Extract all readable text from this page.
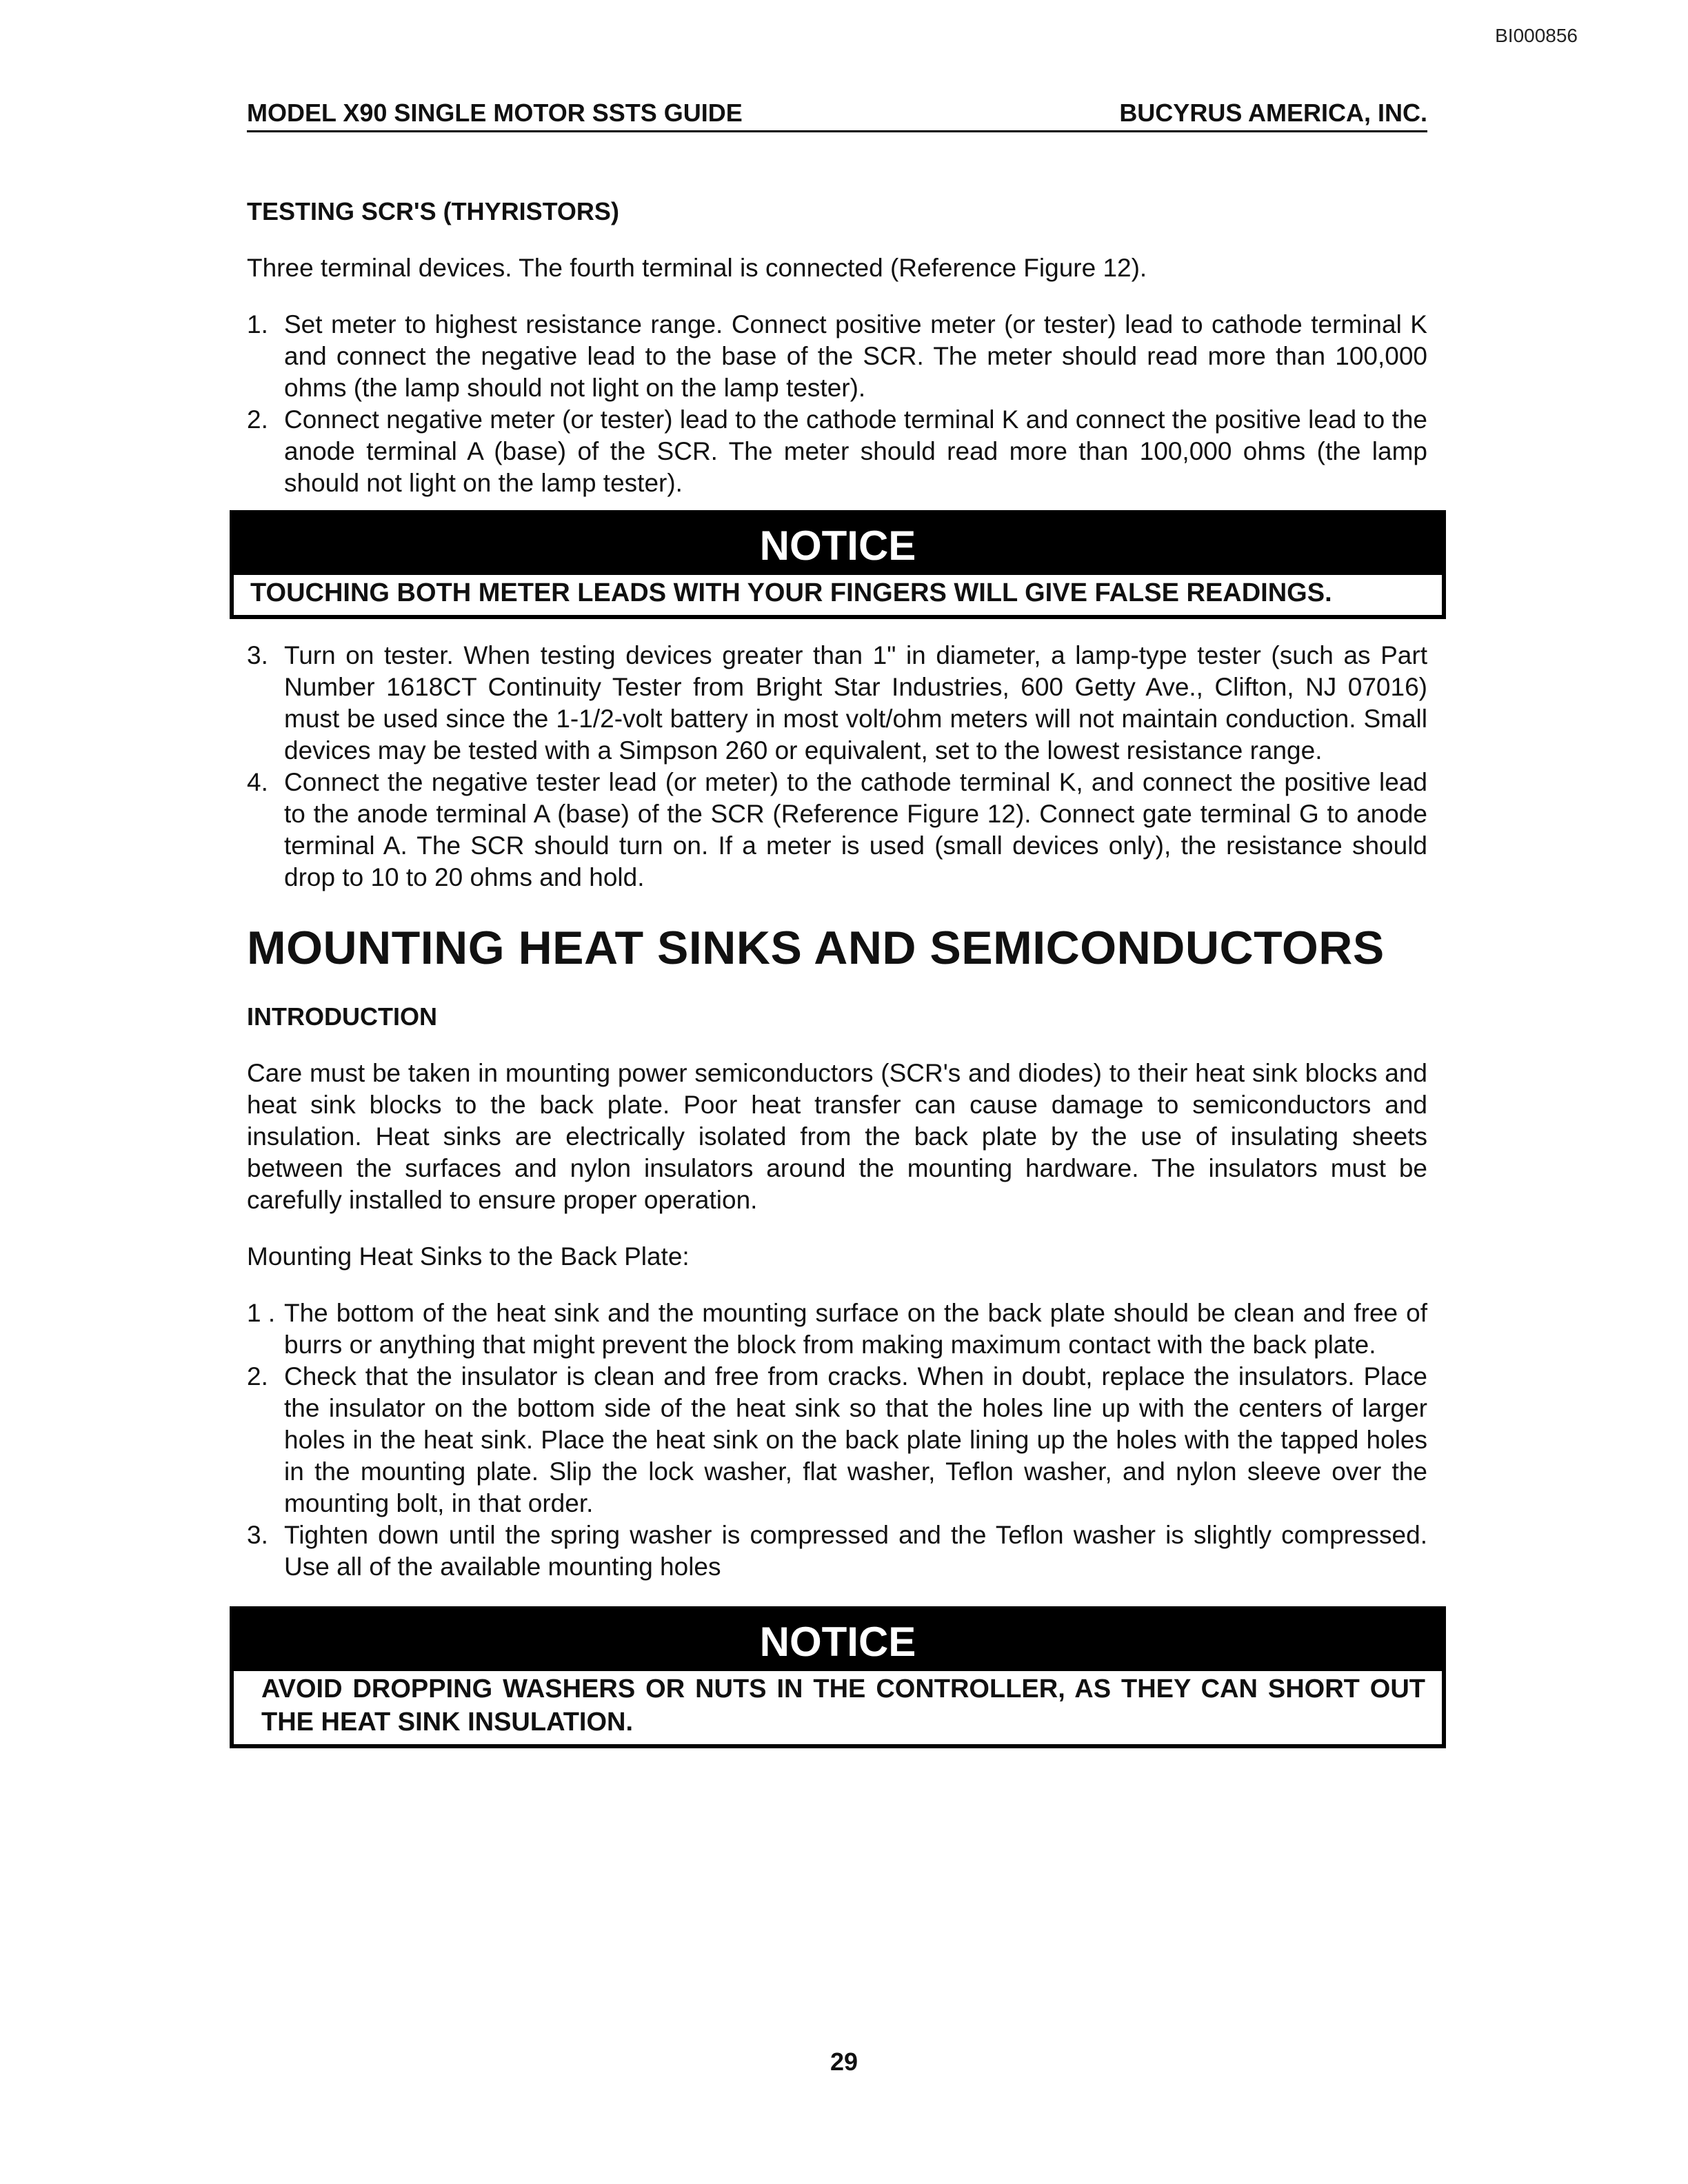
BI000856
MODEL X90 SINGLE MOTOR SSTS GUIDE	BUCYRUS AMERICA, INC.
TESTING SCR'S (THYRISTORS)

Three terminal devices. The fourth terminal is connected (Reference Figure 12).

1. Set meter to highest resistance range. Connect positive meter (or tester) lead to cathode terminal K and connect the negative lead to the base of the SCR. The meter should read more than 100,000 ohms (the lamp should not light on the lamp tester).
2. Connect negative meter (or tester) lead to the cathode terminal K and connect the positive lead to the anode terminal A (base) of the SCR. The meter should read more than 100,000 ohms (the lamp should not light on the lamp tester).
NOTICE
TOUCHING BOTH METER LEADS WITH YOUR FINGERS WILL GIVE FALSE READINGS.
3. Turn on tester. When testing devices greater than 1" in diameter, a lamp-type tester (such as Part Number 1618CT Continuity Tester from Bright Star Industries, 600 Getty Ave., Clifton, NJ 07016) must be used since the 1-1/2-volt battery in most volt/ohm meters will not maintain conduction. Small devices may be tested with a Simpson 260 or equivalent, set to the lowest resistance range.
4. Connect the negative tester lead (or meter) to the cathode terminal K, and connect the positive lead to the anode terminal A (base) of the SCR (Reference Figure 12). Connect gate terminal G to anode terminal A. The SCR should turn on. If a meter is used (small devices only), the resistance should drop to 10 to 20 ohms and hold.
MOUNTING HEAT SINKS AND SEMICONDUCTORS
INTRODUCTION

Care must be taken in mounting power semiconductors (SCR's and diodes) to their heat sink blocks and heat sink blocks to the back plate. Poor heat transfer can cause damage to semiconductors and insulation. Heat sinks are electrically isolated from the back plate by the use of insulating sheets between the surfaces and nylon insulators around the mounting hardware. The insulators must be carefully installed to ensure proper operation.

Mounting Heat Sinks to the Back Plate:

1 . The bottom of the heat sink and the mounting surface on the back plate should be clean and free of burrs or anything that might prevent the block from making maximum contact with the back plate.
2. Check that the insulator is clean and free from cracks. When in doubt, replace the insulators. Place the insulator on the bottom side of the heat sink so that the holes line up with the centers of larger holes in the heat sink. Place the heat sink on the back plate lining up the holes with the tapped holes in the mounting plate. Slip the lock washer, flat washer, Teflon washer, and nylon sleeve over the mounting bolt, in that order.
3. Tighten down until the spring washer is compressed and the Teflon washer is slightly compressed. Use all of the available mounting holes
NOTICE
AVOID DROPPING WASHERS OR NUTS IN THE CONTROLLER, AS THEY CAN SHORT OUT THE HEAT SINK INSULATION.
29
